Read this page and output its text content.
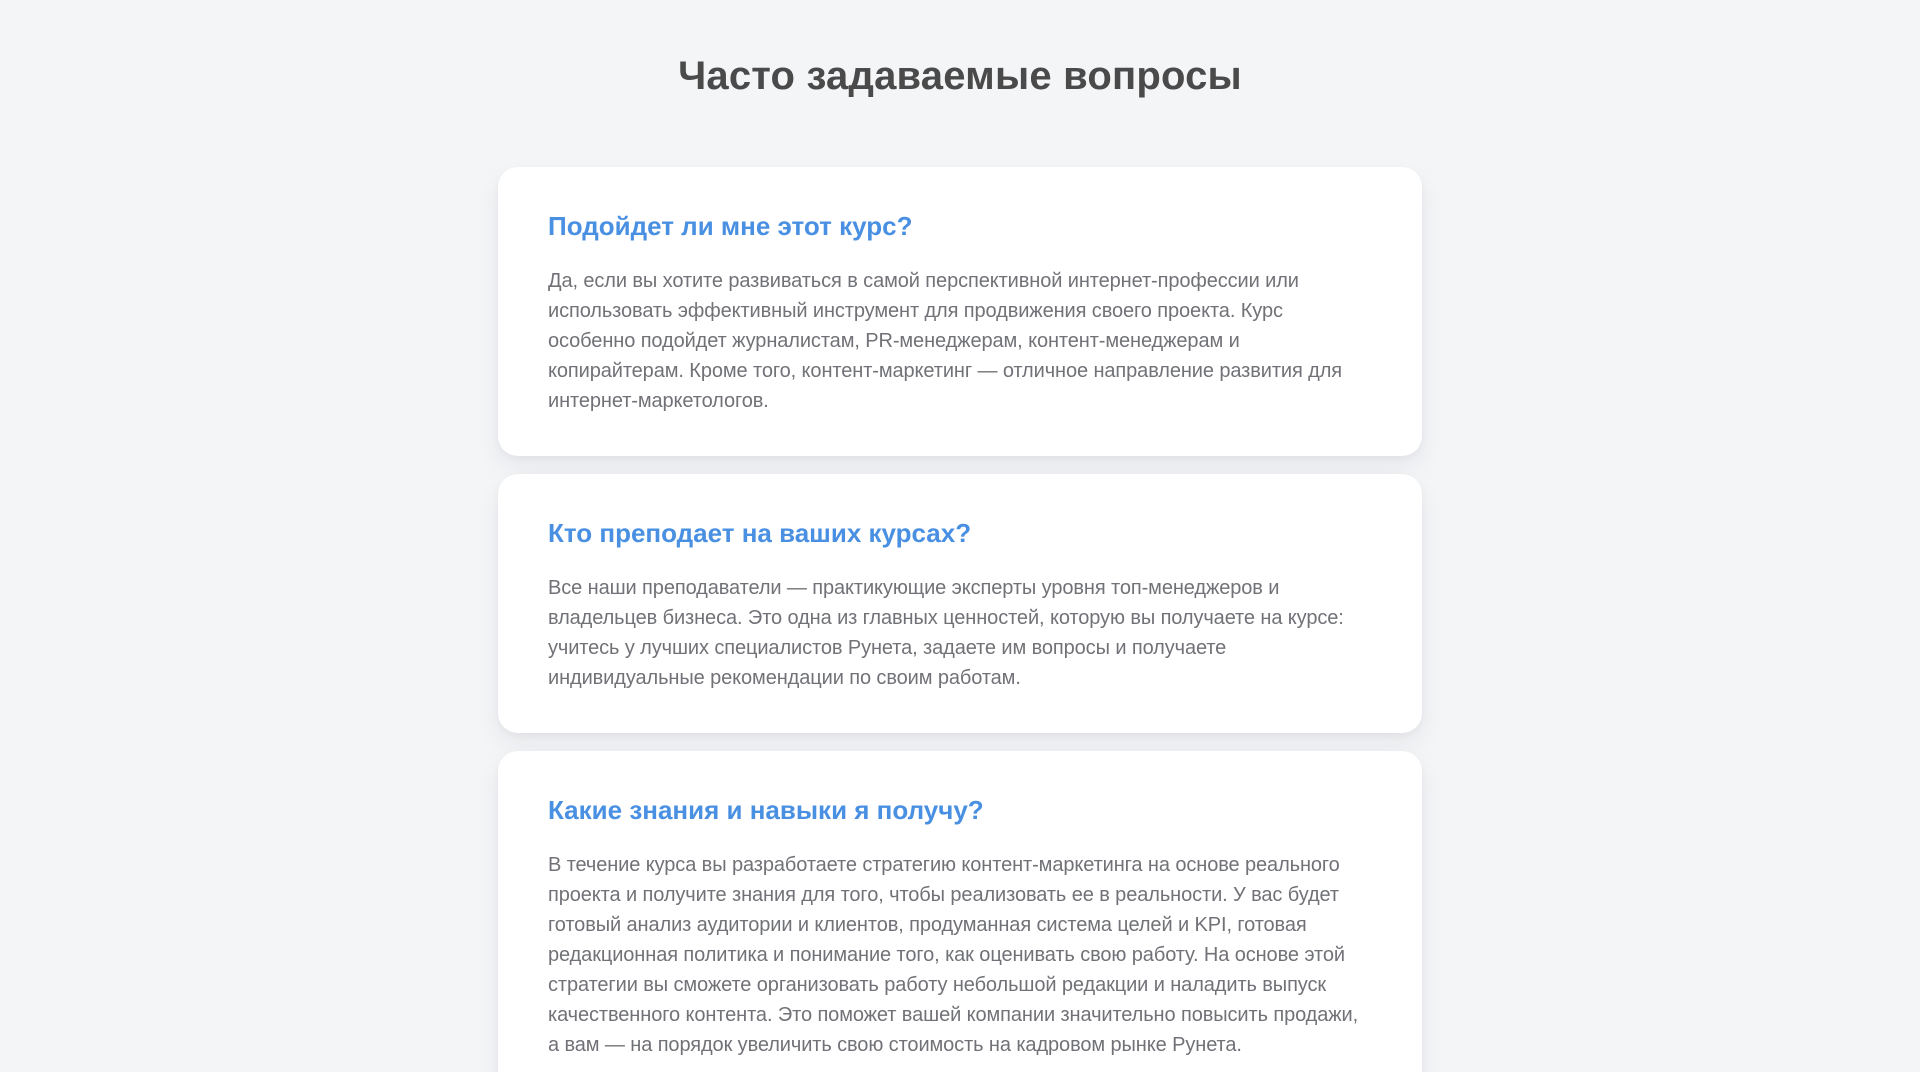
Часто задаваемые вопросы
Подойдет ли мне этот курс?

Да, если вы хотите развиваться в самой перспективной интернет-профессии или использовать эффективный инструмент для продвижения своего проекта. Курс особенно подойдет журналистам, PR-менеджерам, контент-менеджерам и копирайтерам. Кроме того, контент-маркетинг — отличное направление развития для интернет-маркетологов.

Кто преподает на ваших курсах?

Все наши преподаватели — практикующие эксперты уровня топ-менеджеров и владельцев бизнеса. Это одна из главных ценностей, которую вы получаете на курсе: учитесь у лучших специалистов Рунета, задаете им вопросы и получаете индивидуальные рекомендации по своим работам.

Какие знания и навыки я получу?

В течение курса вы разработаете стратегию контент-маркетинга на основе реального проекта и получите знания для того, чтобы реализовать ее в реальности. У вас будет готовый анализ аудитории и клиентов, продуманная система целей и KPI, готовая редакционная политика и понимание того, как оценивать свою работу. На основе этой стратегии вы сможете организовать работу небольшой редакции и наладить выпуск качественного контента. Это поможет вашей компании значительно повысить продажи, а вам — на порядок увеличить свою стоимость на кадровом рынке Рунета.
